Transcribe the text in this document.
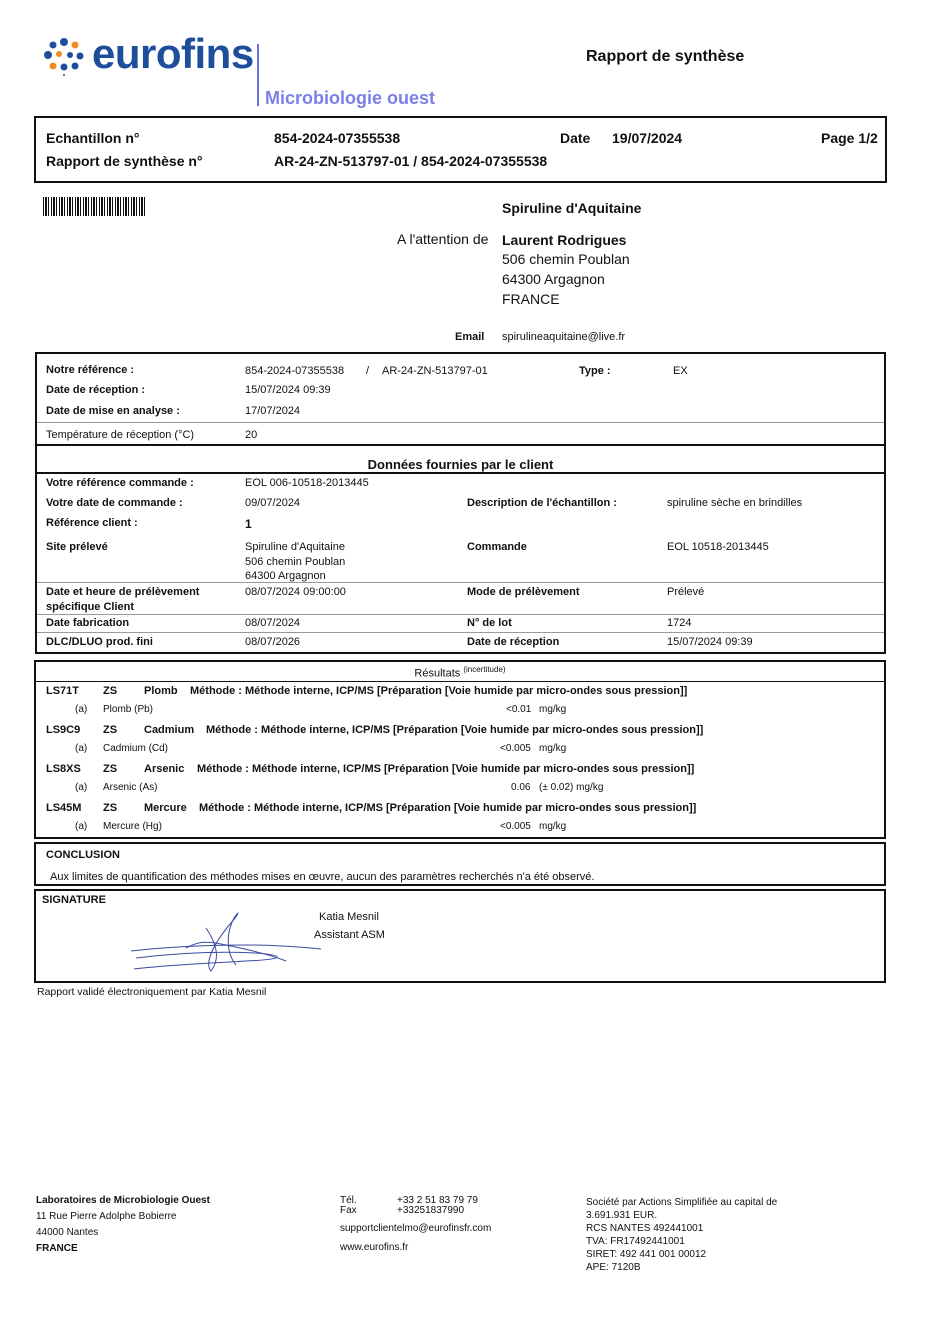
eurofins
Microbiologie ouest
Rapport de synthèse
Echantillon n°	854-2024-07355538	Date 19/07/2024	Page 1/2
Rapport de synthèse n°	AR-24-ZN-513797-01 / 854-2024-07355538
Spiruline d'Aquitaine
A l'attention de Laurent Rodrigues
506 chemin Poublan
64300 Argagnon
FRANCE
Email spirulineaquitaine@live.fr
Notre référence :	854-2024-07355538 / AR-24-ZN-513797-01	Type :	EX
Date de réception :	15/07/2024 09:39
Date de mise en analyse :	17/07/2024
Température de réception (°C)	20
Données fournies par le client
Votre référence commande :	EOL 006-10518-2013445
Votre date de commande :	09/07/2024	Description de l'échantillon :	spiruline sèche en brindilles
Référence client :	1
Site prélevé	Spiruline d'Aquitaine
506 chemin Poublan
64300 Argagnon
Commande	EOL 10518-2013445
Date et heure de prélèvement
spécifique Client
08/07/2024 09:00:00	Mode de prélèvement	Prélevé
Date fabrication	08/07/2024	N° de lot	1724
DLC/DLUO prod. fini	08/07/2026	Date de réception	15/07/2024 09:39
Résultats $^{(incertitude)}$
LS71T ZS Plomb Méthode : Méthode interne, ICP/MS [Préparation [Voie humide par micro-ondes sous pression]]
(a) Plomb (Pb)	<0.01 mg/kg
LS9C9 ZS Cadmium Méthode : Méthode interne, ICP/MS [Préparation [Voie humide par micro-ondes sous pression]]
(a) Cadmium (Cd)	<0.005 mg/kg
LS8XS ZS Arsenic Méthode : Méthode interne, ICP/MS [Préparation [Voie humide par micro-ondes sous pression]]
(a) Arsenic (As)	0.06 (± 0.02) mg/kg
LS45M ZS Mercure Méthode : Méthode interne, ICP/MS [Préparation [Voie humide par micro-ondes sous pression]]
(a) Mercure (Hg)	<0.005 mg/kg
CONCLUSION
Aux limites de quantification des méthodes mises en œuvre, aucun des paramètres recherchés n'a été observé.
SIGNATURE
Katia Mesnil
Assistant ASM
Rapport validé électroniquement par Katia Mesnil
Laboratoires de Microbiologie Ouest
11 Rue Pierre Adolphe Bobierre
44000 Nantes
FRANCE
Tél.	+33 2 51 83 79 79
Fax	+33251837990
supportclientelmo@eurofinsfr.com
www.eurofins.fr
Société par Actions Simplifiée au capital de
3.691.931 EUR.
RCS NANTES 492441001
TVA: FR17492441001
SIRET: 492 441 001 00012
APE: 7120B
